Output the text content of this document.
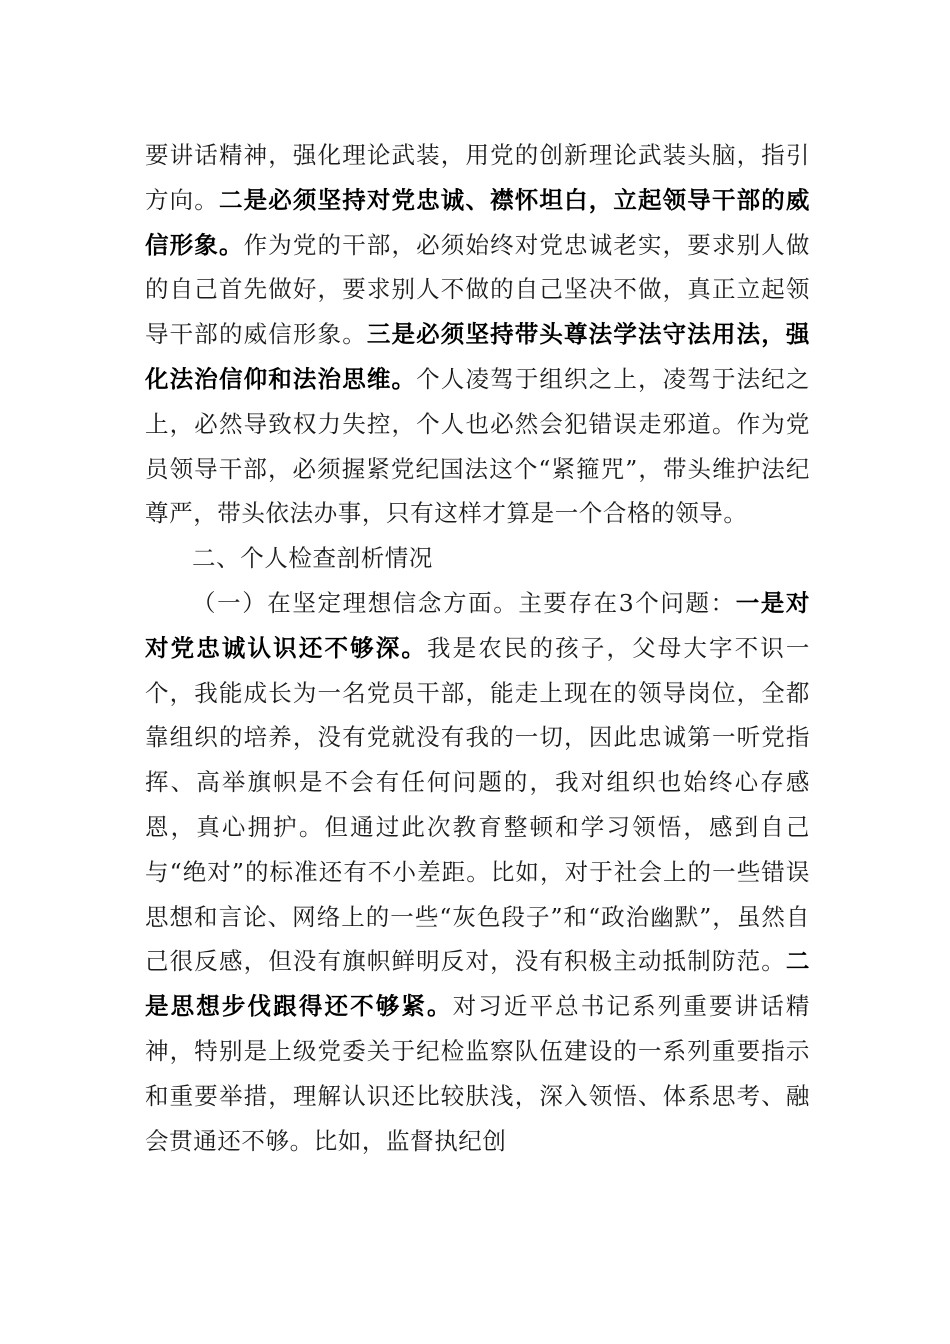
要讲话精神，强化理论武装，用党的创新理论武装头脑，指引方向。二是必须坚持对党忠诚、襟怀坦白，立起领导干部的威信形象。作为党的干部，必须始终对党忠诚老实，要求别人做的自己首先做好，要求别人不做的自己坚决不做，真正立起领导干部的威信形象。三是必须坚持带头尊法学法守法用法，强化法治信仰和法治思维。个人凌驾于组织之上，凌驾于法纪之上，必然导致权力失控，个人也必然会犯错误走邪道。作为党员领导干部，必须握紧党纪国法这个“紧箍咒”，带头维护法纪尊严，带头依法办事，只有这样才算是一个合格的领导。

二、个人检查剖析情况

（一）在坚定理想信念方面。主要存在3个问题：一是对对党忠诚认识还不够深。我是农民的孩子，父母大字不识一个，我能成长为一名党员干部，能走上现在的领导岗位，全都靠组织的培养，没有党就没有我的一切，因此忠诚第一听党指挥、高举旗帜是不会有任何问题的，我对组织也始终心存感恩，真心拥护。但通过此次教育整顿和学习领悟，感到自己与“绝对”的标准还有不小差距。比如，对于社会上的一些错误思想和言论、网络上的一些“灰色段子”和“政治幽默”，虽然自己很反感，但没有旗帜鲜明反对，没有积极主动抵制防范。二是思想步伐跟得还不够紧。对习近平总书记系列重要讲话精神，特别是上级党委关于纪检监察队伍建设的一系列重要指示和重要举措，理解认识还比较肤浅，深入领悟、体系思考、融会贯通还不够。比如，监督执纪创
